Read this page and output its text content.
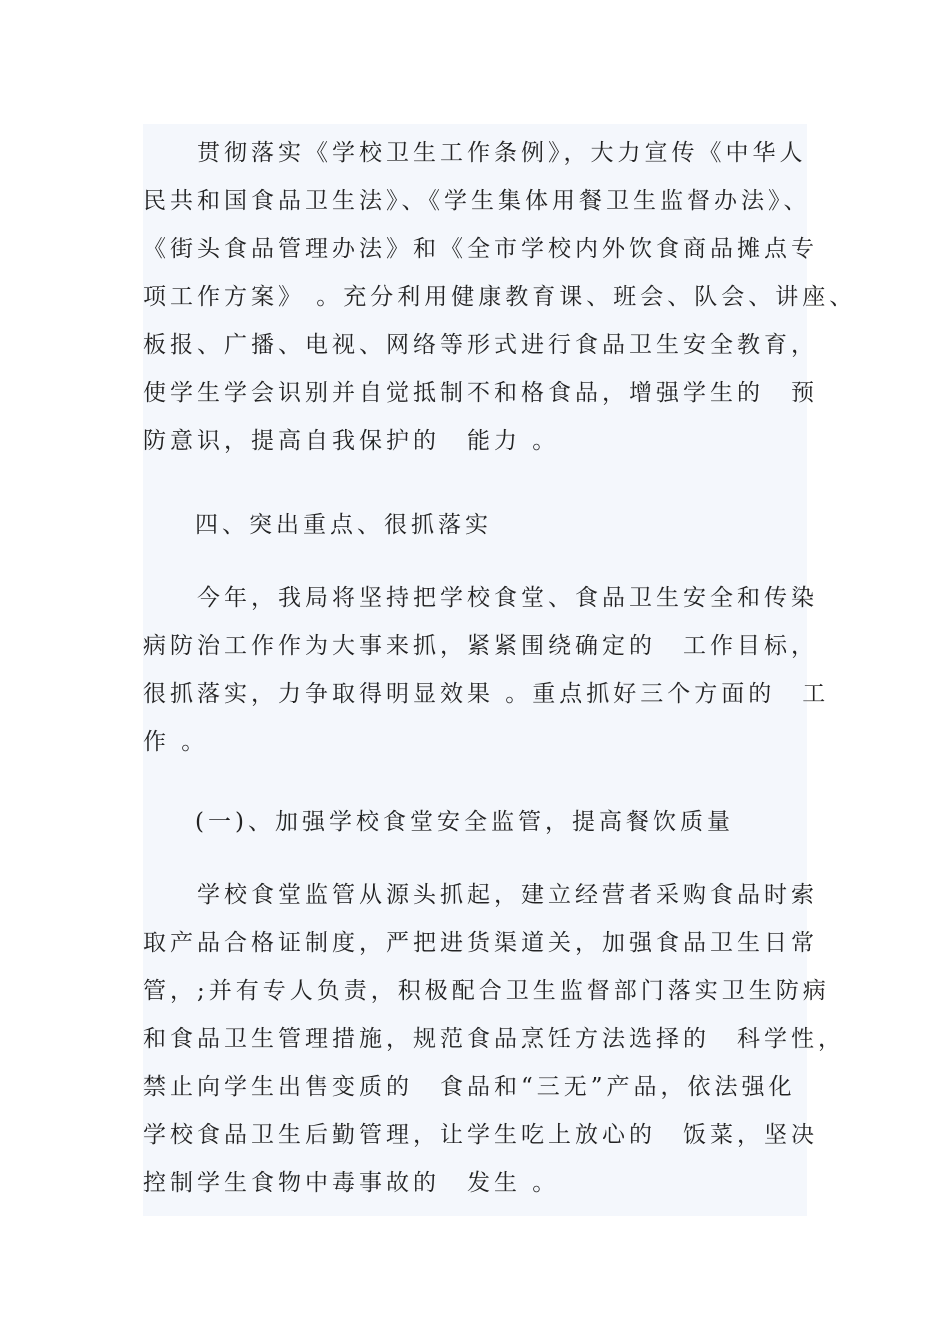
　　贯彻落实《学校卫生工作条例》，大力宣传《中华人
民共和国食品卫生法》、《学生集体用餐卫生监督办法》、
《街头食品管理办法》和《全市学校内外饮食商品摊点专
项工作方案》 。充分利用健康教育课、班会、队会、讲座、
板报、广播、电视、网络等形式进行食品卫生安全教育，
使学生学会识别并自觉抵制不和格食品，增强学生的　预
防意识，提高自我保护的　能力 。
四、突出重点、很抓落实
　　今年，我局将坚持把学校食堂、食品卫生安全和传染
病防治工作作为大事来抓，紧紧围绕确定的　工作目标，
很抓落实，力争取得明显效果 。重点抓好三个方面的　工
作 。
(一)、加强学校食堂安全监管，提高餐饮质量
　　学校食堂监管从源头抓起，建立经营者采购食品时索
取产品合格证制度，严把进货渠道关，加强食品卫生日常
管，;并有专人负责，积极配合卫生监督部门落实卫生防病
和食品卫生管理措施，规范食品烹饪方法选择的　科学性，
禁止向学生出售变质的　食品和“三无”产品，依法强化
学校食品卫生后勤管理，让学生吃上放心的　饭菜，坚决
控制学生食物中毒事故的　发生 。
